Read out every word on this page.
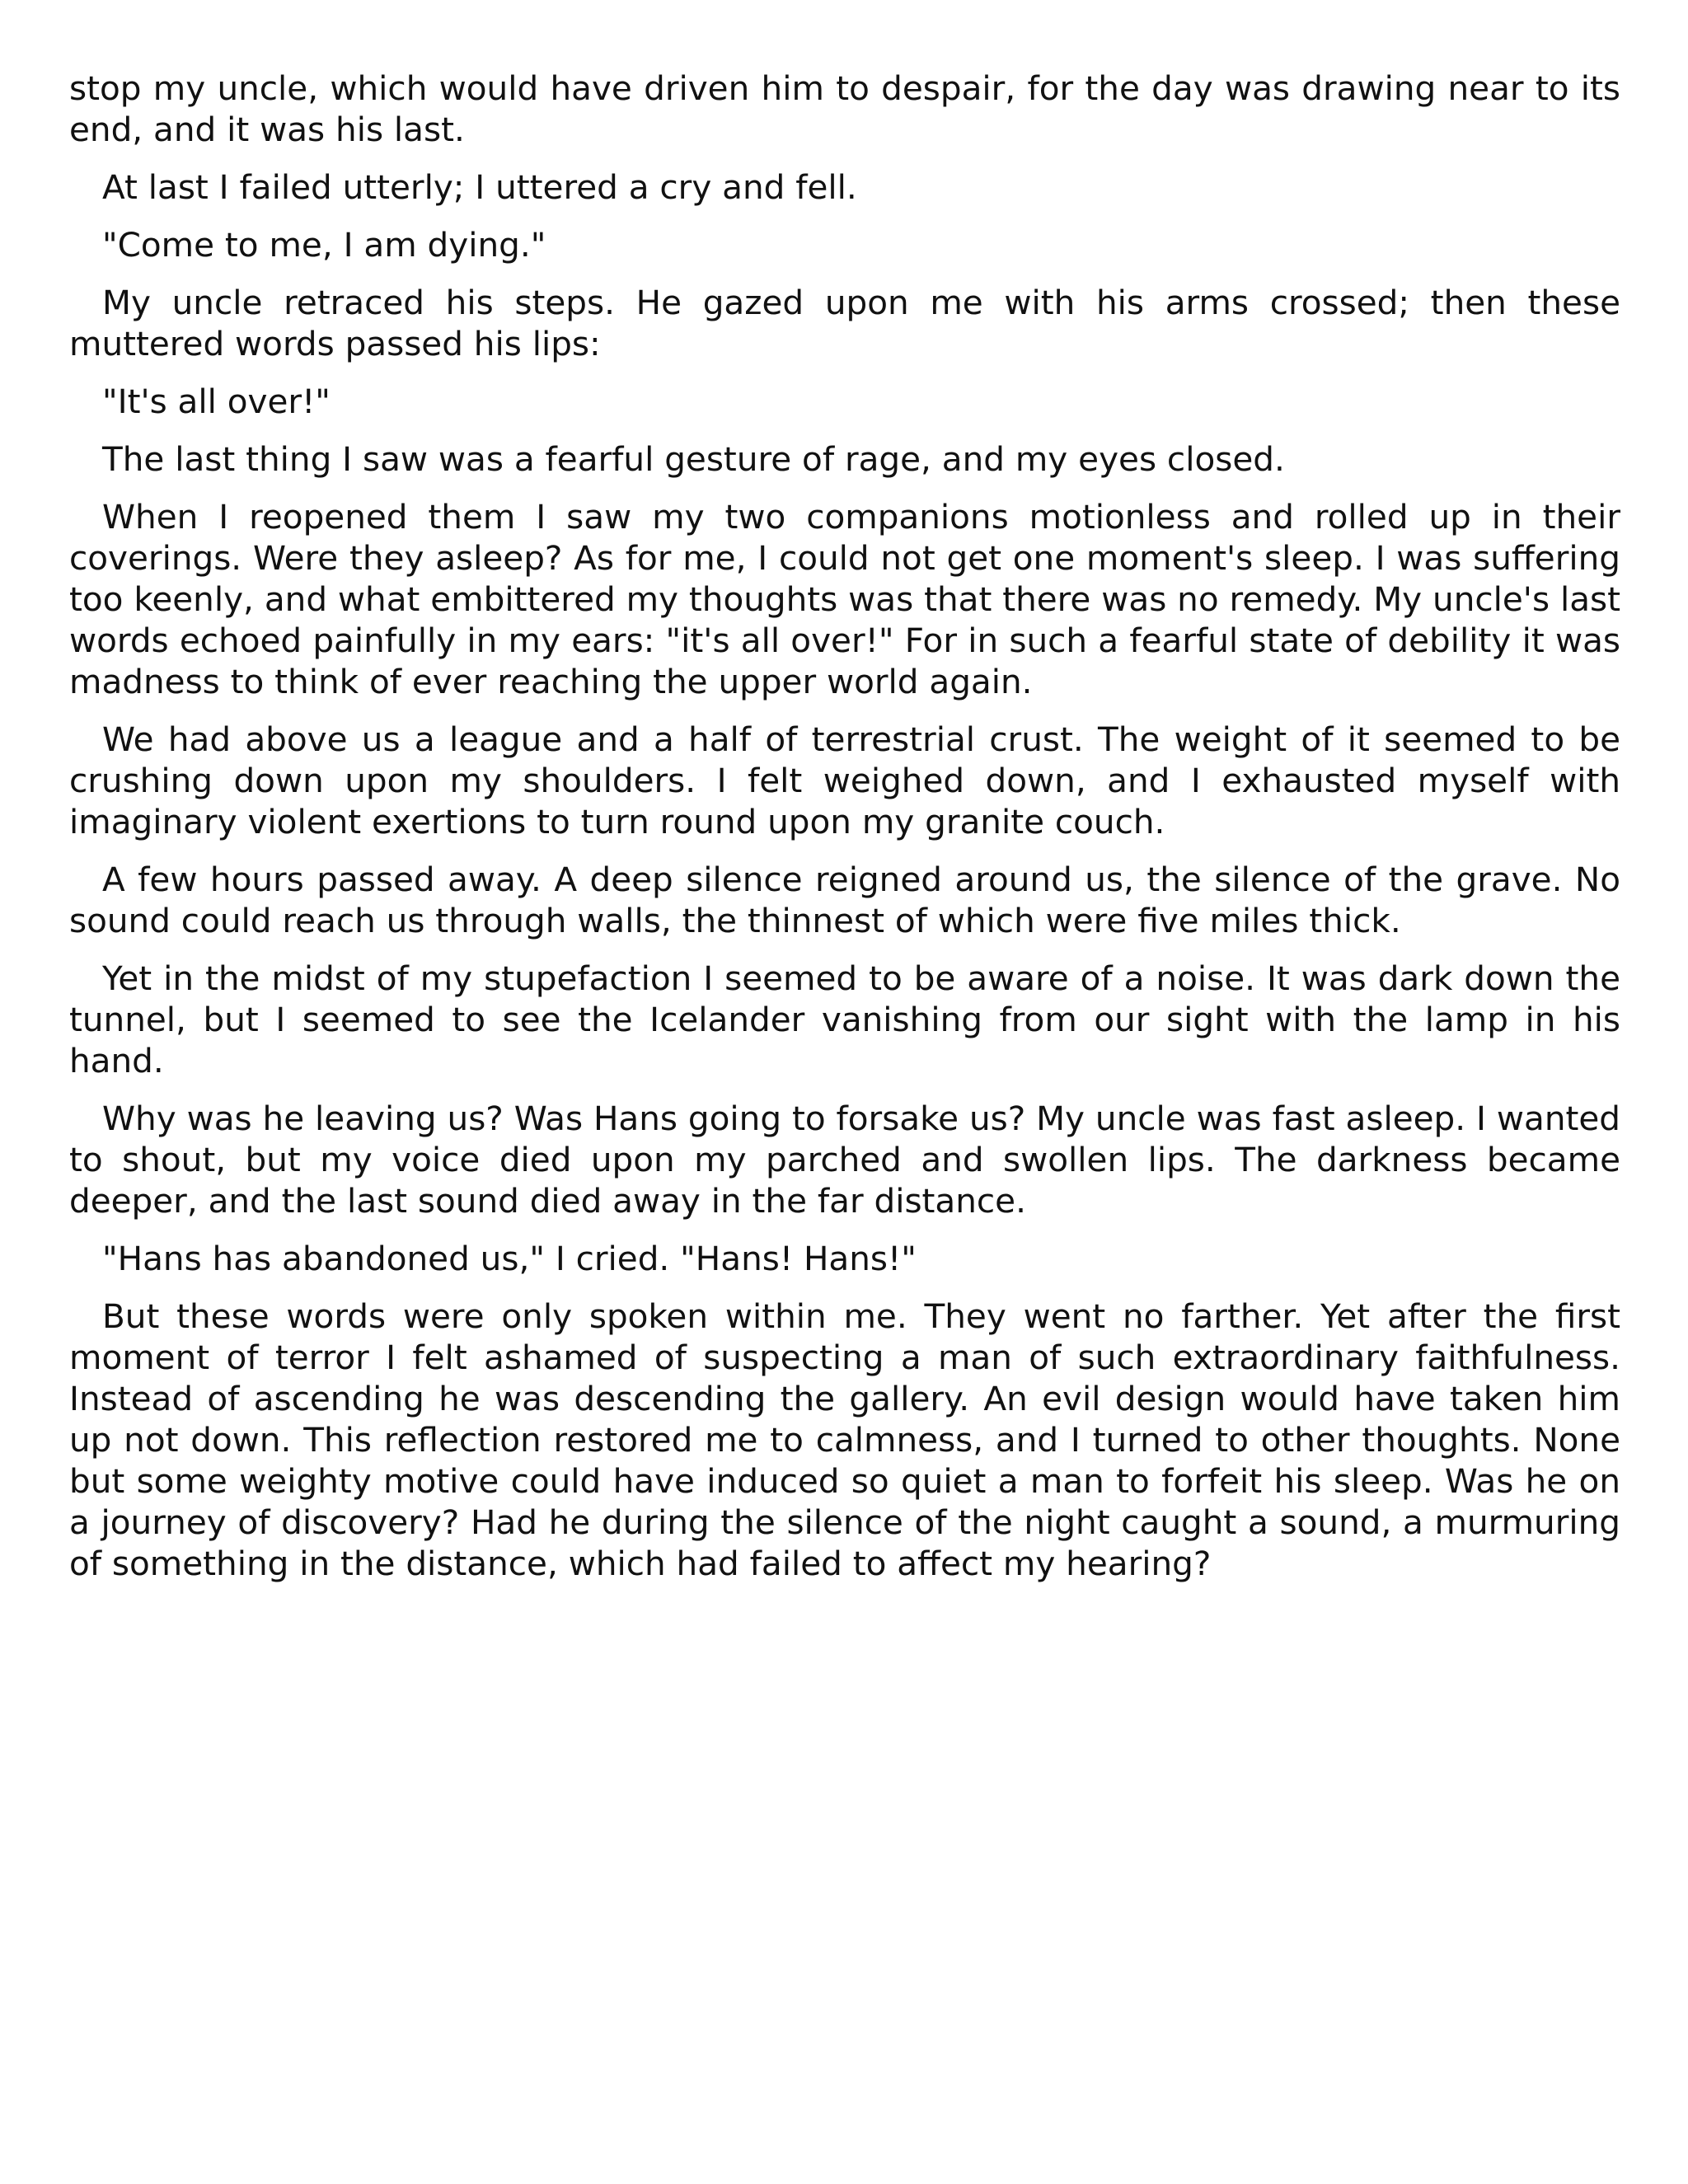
stop my uncle, which would have driven him to despair, for the day was drawing near to its end, and it was his last.

At last I failed utterly; I uttered a cry and fell.

"Come to me, I am dying."

My uncle retraced his steps. He gazed upon me with his arms crossed; then these muttered words passed his lips:

"It's all over!"

The last thing I saw was a fearful gesture of rage, and my eyes closed.

When I reopened them I saw my two companions motionless and rolled up in their coverings. Were they asleep? As for me, I could not get one moment's sleep. I was suffering too keenly, and what embittered my thoughts was that there was no remedy. My uncle's last words echoed painfully in my ears: "it's all over!" For in such a fearful state of debility it was madness to think of ever reaching the upper world again.

We had above us a league and a half of terrestrial crust. The weight of it seemed to be crushing down upon my shoulders. I felt weighed down, and I exhausted myself with imaginary violent exertions to turn round upon my granite couch.

A few hours passed away. A deep silence reigned around us, the silence of the grave. No sound could reach us through walls, the thinnest of which were five miles thick.

Yet in the midst of my stupefaction I seemed to be aware of a noise. It was dark down the tunnel, but I seemed to see the Icelander vanishing from our sight with the lamp in his hand.

Why was he leaving us? Was Hans going to forsake us? My uncle was fast asleep. I wanted to shout, but my voice died upon my parched and swollen lips. The darkness became deeper, and the last sound died away in the far distance.

"Hans has abandoned us," I cried. "Hans! Hans!"

But these words were only spoken within me. They went no farther. Yet after the first moment of terror I felt ashamed of suspecting a man of such extraordinary faithfulness. Instead of ascending he was descending the gallery. An evil design would have taken him up not down. This reflection restored me to calmness, and I turned to other thoughts. None but some weighty motive could have induced so quiet a man to forfeit his sleep. Was he on a journey of discovery? Had he during the silence of the night caught a sound, a murmuring of something in the distance, which had failed to affect my hearing?
